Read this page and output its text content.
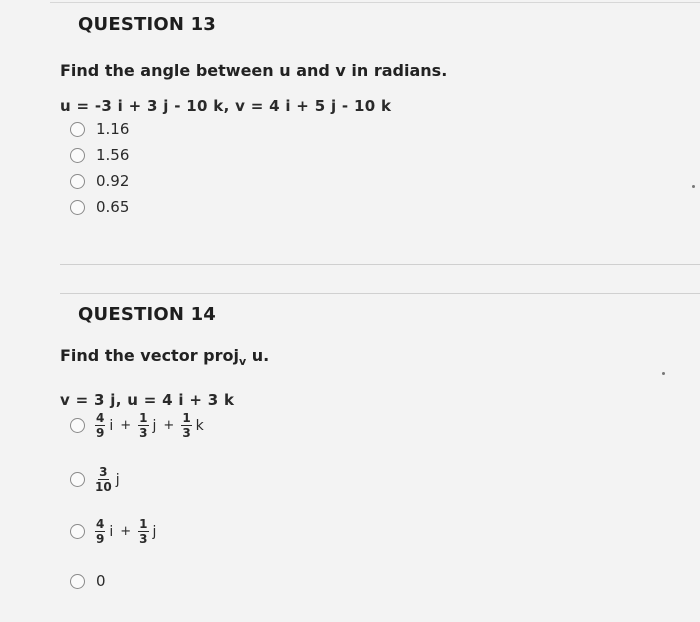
QUESTION 13
Find the angle between u and v in radians.
u = -3 i + 3 j - 10 k, v = 4 i + 5 j - 10 k
1.16
1.56
0.92
0.65
QUESTION 14
Find the vector proj$_v$ u.
v = 3 j, u = 4 i + 3 k
$\frac{4}{9}$ $i + \frac{1}{3}$ $j + \frac{1}{3}$ k
$\frac{3}{10}$ j
$\frac{4}{9}$ $i + \frac{1}{3}$ j
0
